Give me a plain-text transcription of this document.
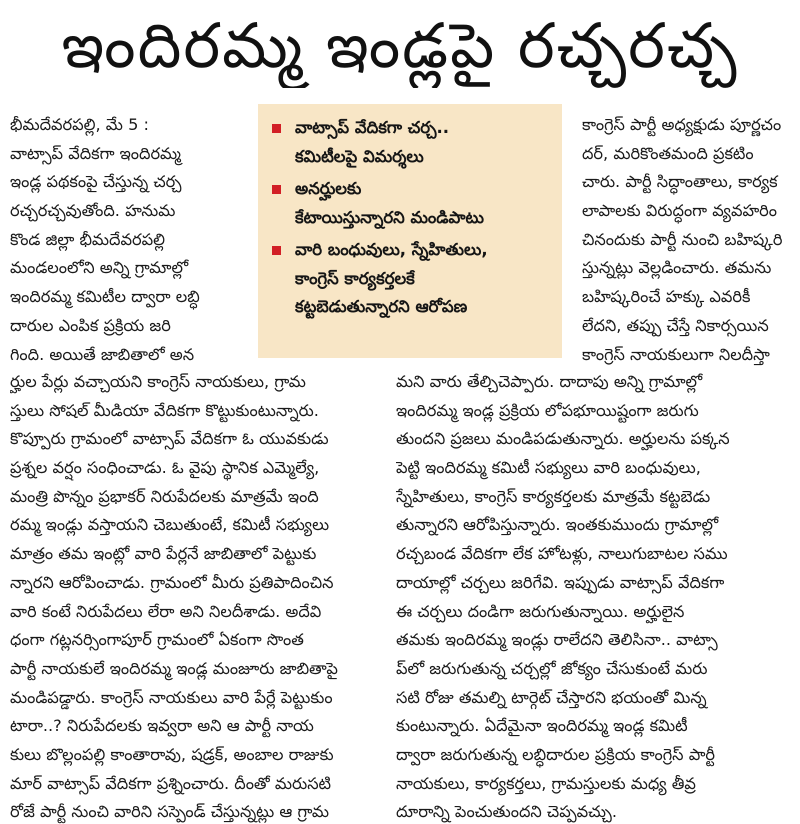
ఇందిరమ్మ ఇండ్లపై రచ్చరచ్చ
భీమదేవరపల్లి, మే 5 :
వాట్సాప్ వేదికగా ఇందిరమ్మ
ఇండ్ల పథకంపై చేస్తున్న చర్చ
రచ్చరచ్చవుతోంది. హనుమ
కొండ జిల్లా భీమదేవరపల్లి
మండలంలోని అన్ని గ్రామాల్లో
ఇందిరమ్మ కమిటీల ద్వారా లబ్ధి
దారుల ఎంపిక ప్రక్రియ జరి
గింది. అయితే జాబితాలో అన
వాట్సాప్ వేదికగా చర్చ..
కమిటీలపై విమర్శలు
అనర్హులకు
కేటాయిస్తున్నారని మండిపాటు
వారి బంధువులు, స్నేహితులు,
కాంగ్రెస్ కార్యకర్తలకే
కట్టబెడుతున్నారని ఆరోపణ
కాంగ్రెస్ పార్టీ అధ్యక్షుడు పూర్ణచం
దర్, మరికొంతమంది ప్రకటిం
చారు. పార్టీ సిద్ధాంతాలు, కార్యక
లాపాలకు విరుద్ధంగా వ్యవహరిం
చినందుకు పార్టీ నుంచి బహిష్కరి
స్తున్నట్లు వెల్లడించారు. తమను
బహిష్కరించే హక్కు ఎవరికీ
లేదని, తప్పు చేస్తే నికార్సయిన
కాంగ్రెస్ నాయకులుగా నిలదీస్తా
ర్హుల పేర్లు వచ్చాయని కాంగ్రెస్ నాయకులు, గ్రామ
స్తులు సోషల్ మీడియా వేదికగా కొట్టుకుంటున్నారు.
కొప్పూరు గ్రామంలో వాట్సాప్ వేదికగా ఓ యువకుడు
ప్రశ్నల వర్షం సంధించాడు. ఓ వైపు స్థానిక ఎమ్మెల్యే,
మంత్రి పొన్నం ప్రభాకర్ నిరుపేదలకు మాత్రమే ఇంది
రమ్మ ఇండ్లు వస్తాయని చెబుతుంటే, కమిటీ సభ్యులు
మాత్రం తమ ఇంట్లో వారి పేర్లనే జాబితాలో పెట్టుకు
న్నారని ఆరోపించాడు. గ్రామంలో మీరు ప్రతిపాదించిన
వారి కంటే నిరుపేదలు లేరా అని నిలదీశాడు. అదేవి
ధంగా గట్లనర్సింగాపూర్ గ్రామంలో ఏకంగా సొంత
పార్టీ నాయకులే ఇందిరమ్మ ఇండ్ల మంజూరు జాబితాపై
మండిపడ్డారు. కాంగ్రెస్ నాయకులు వారి పేర్లే పెట్టుకుం
టారా..? నిరుపేదలకు ఇవ్వరా అని ఆ పార్టీ నాయ
కులు బొల్లంపల్లి కాంతారావు, షడ్రక్, అంబాల రాజుకు
మార్ వాట్సాప్ వేదికగా ప్రశ్నించారు. దీంతో మరుసటి
రోజే పార్టీ నుంచి వారిని సస్పెండ్ చేస్తున్నట్లు ఆ గ్రామ
మని వారు తేల్చిచెప్పారు. దాదాపు అన్ని గ్రామాల్లో
ఇందిరమ్మ ఇండ్ల ప్రక్రియ లోపభూయిష్టంగా జరుగు
తుందని ప్రజలు మండిపడుతున్నారు. అర్హులను పక్కన
పెట్టి ఇందిరమ్మ కమిటీ సభ్యులు వారి బంధువులు,
స్నేహితులు, కాంగ్రెస్ కార్యకర్తలకు మాత్రమే కట్టబెడు
తున్నారని ఆరోపిస్తున్నారు. ఇంతకుముందు గ్రామాల్లో
రచ్చబండ వేదికగా లేక హోటళ్లు, నాలుగుబాటల సము
దాయాల్లో చర్చలు జరిగేవి. ఇప్పుడు వాట్సాప్ వేదికగా
ఈ చర్చలు దండిగా జరుగుతున్నాయి. అర్హులైన
తమకు ఇందిరమ్మ ఇండ్లు రాలేదని తెలిసినా.. వాట్సా
ప్‌లో జరుగుతున్న చర్చల్లో జోక్యం చేసుకుంటే మరు
సటి రోజు తమల్ని టార్గెట్ చేస్తారని భయంతో మిన్న
కుంటున్నారు. ఏదేమైనా ఇందిరమ్మ ఇండ్ల కమిటీ
ద్వారా జరుగుతున్న లబ్ధిదారుల ప్రక్రియ కాంగ్రెస్ పార్టీ
నాయకులు, కార్యకర్తలు, గ్రామస్తులకు మధ్య తీవ్ర
దూరాన్ని పెంచుతుందని చెప్పవచ్చు.
